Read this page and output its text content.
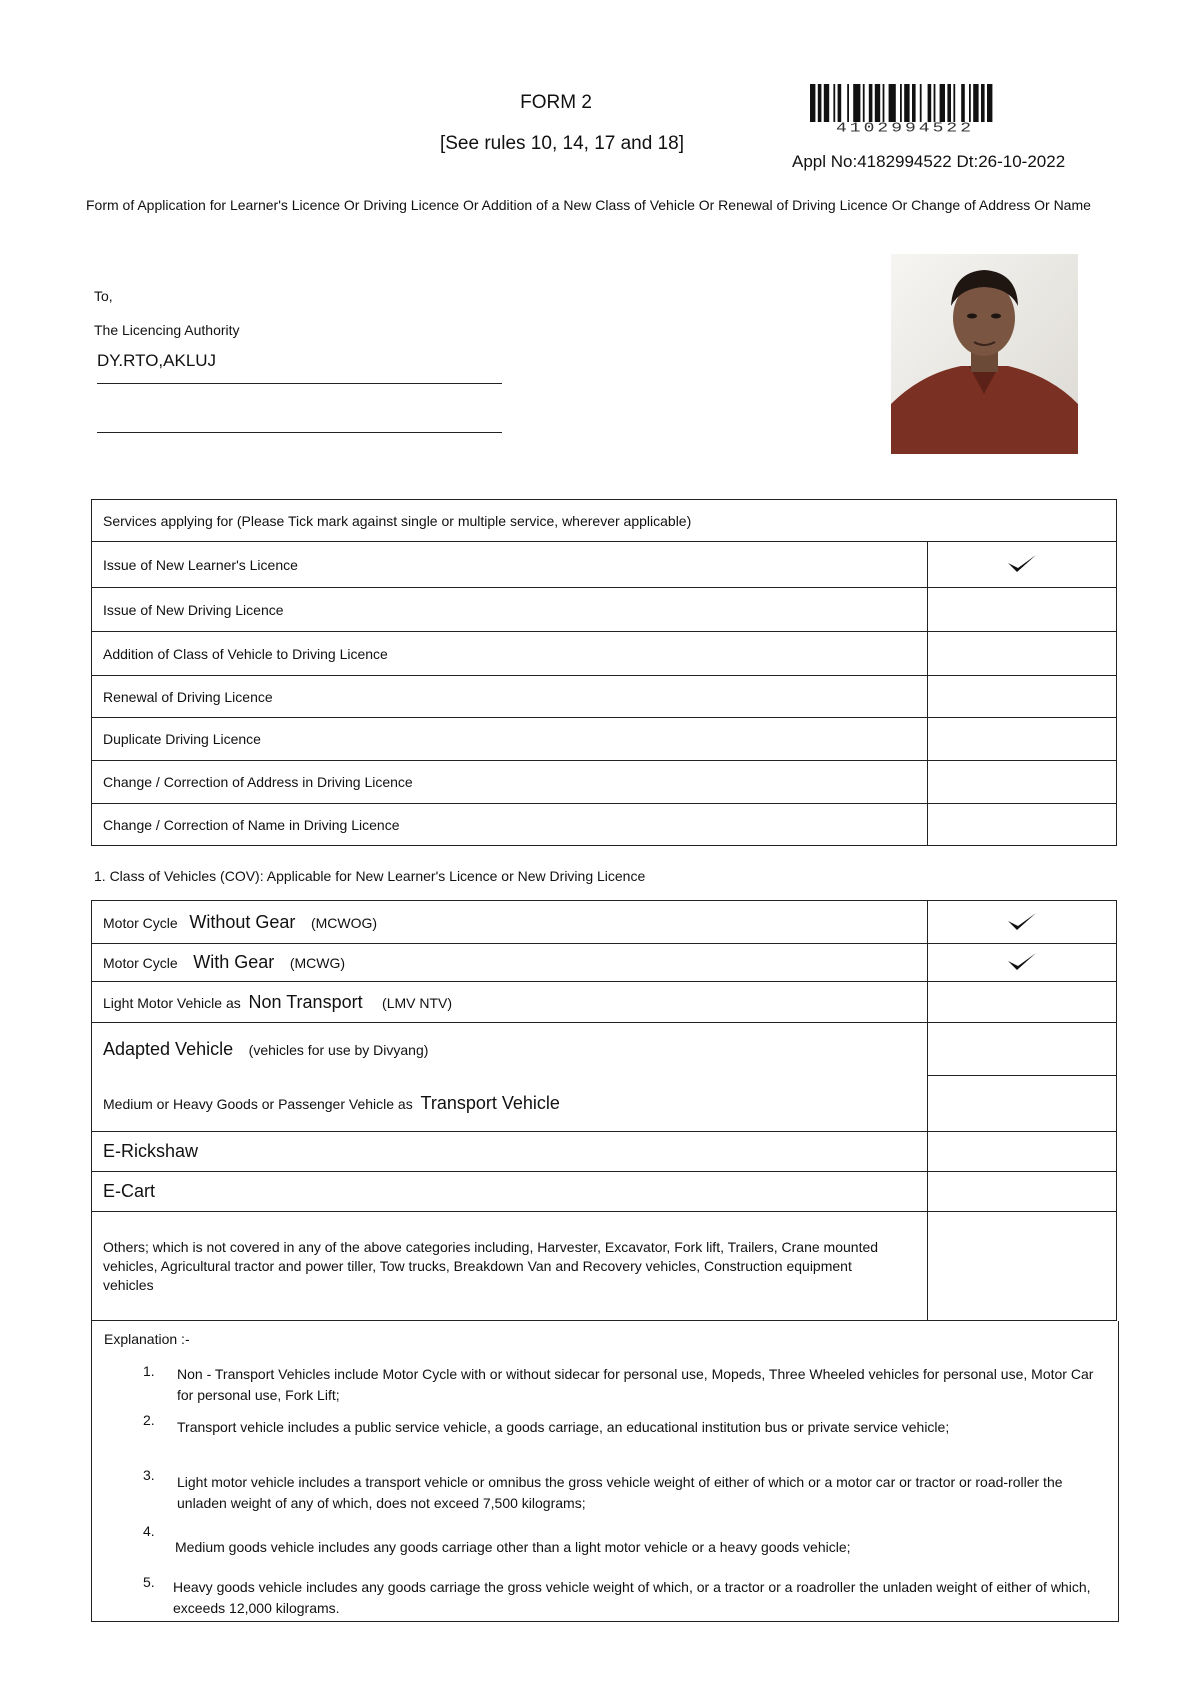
FORM 2
[See rules 10, 14, 17 and 18]
4102994522
Appl No:4182994522 Dt:26-10-2022
Form of Application for Learner's Licence Or Driving Licence Or Addition of a New Class of Vehicle Or Renewal of Driving Licence Or Change of Address Or Name
To,
The Licencing Authority
DY.RTO,AKLUJ
Services applying for (Please Tick mark against single or multiple service, wherever applicable)	
Issue of New Learner's Licence	
Issue of New Driving Licence	
Addition of Class of Vehicle to Driving Licence	
Renewal of Driving Licence	
Duplicate Driving Licence	
Change / Correction of Address in Driving Licence	
Change / Correction of Name in Driving Licence	
1. Class of Vehicles (COV): Applicable for New Learner's Licence or New Driving Licence
Motor Cycle Without Gear (MCWOG)	
Motor Cycle With Gear (MCWG)	
Light Motor Vehicle as Non Transport (LMV NTV)	
Adapted Vehicle (vehicles for use by Divyang)	
Medium or Heavy Goods or Passenger Vehicle as Transport Vehicle	
E-Rickshaw	
E-Cart	
Others; which is not covered in any of the above categories including, Harvester, Excavator, Fork lift, Trailers, Crane mounted vehicles, Agricultural tractor and power tiller, Tow trucks, Breakdown Van and Recovery vehicles, Construction equipment vehicles	
Explanation :-
1. Non - Transport Vehicles include Motor Cycle with or without sidecar for personal use, Mopeds, Three Wheeled vehicles for personal use, Motor Car for personal use, Fork Lift;
2. Transport vehicle includes a public service vehicle, a goods carriage, an educational institution bus or private service vehicle;
3. Light motor vehicle includes a transport vehicle or omnibus the gross vehicle weight of either of which or a motor car or tractor or road-roller the unladen weight of any of which, does not exceed 7,500 kilograms;
4.
Medium goods vehicle includes any goods carriage other than a light motor vehicle or a heavy goods vehicle;
5. Heavy goods vehicle includes any goods carriage the gross vehicle weight of which, or a tractor or a roadroller the unladen weight of either of which, exceeds 12,000 kilograms.
